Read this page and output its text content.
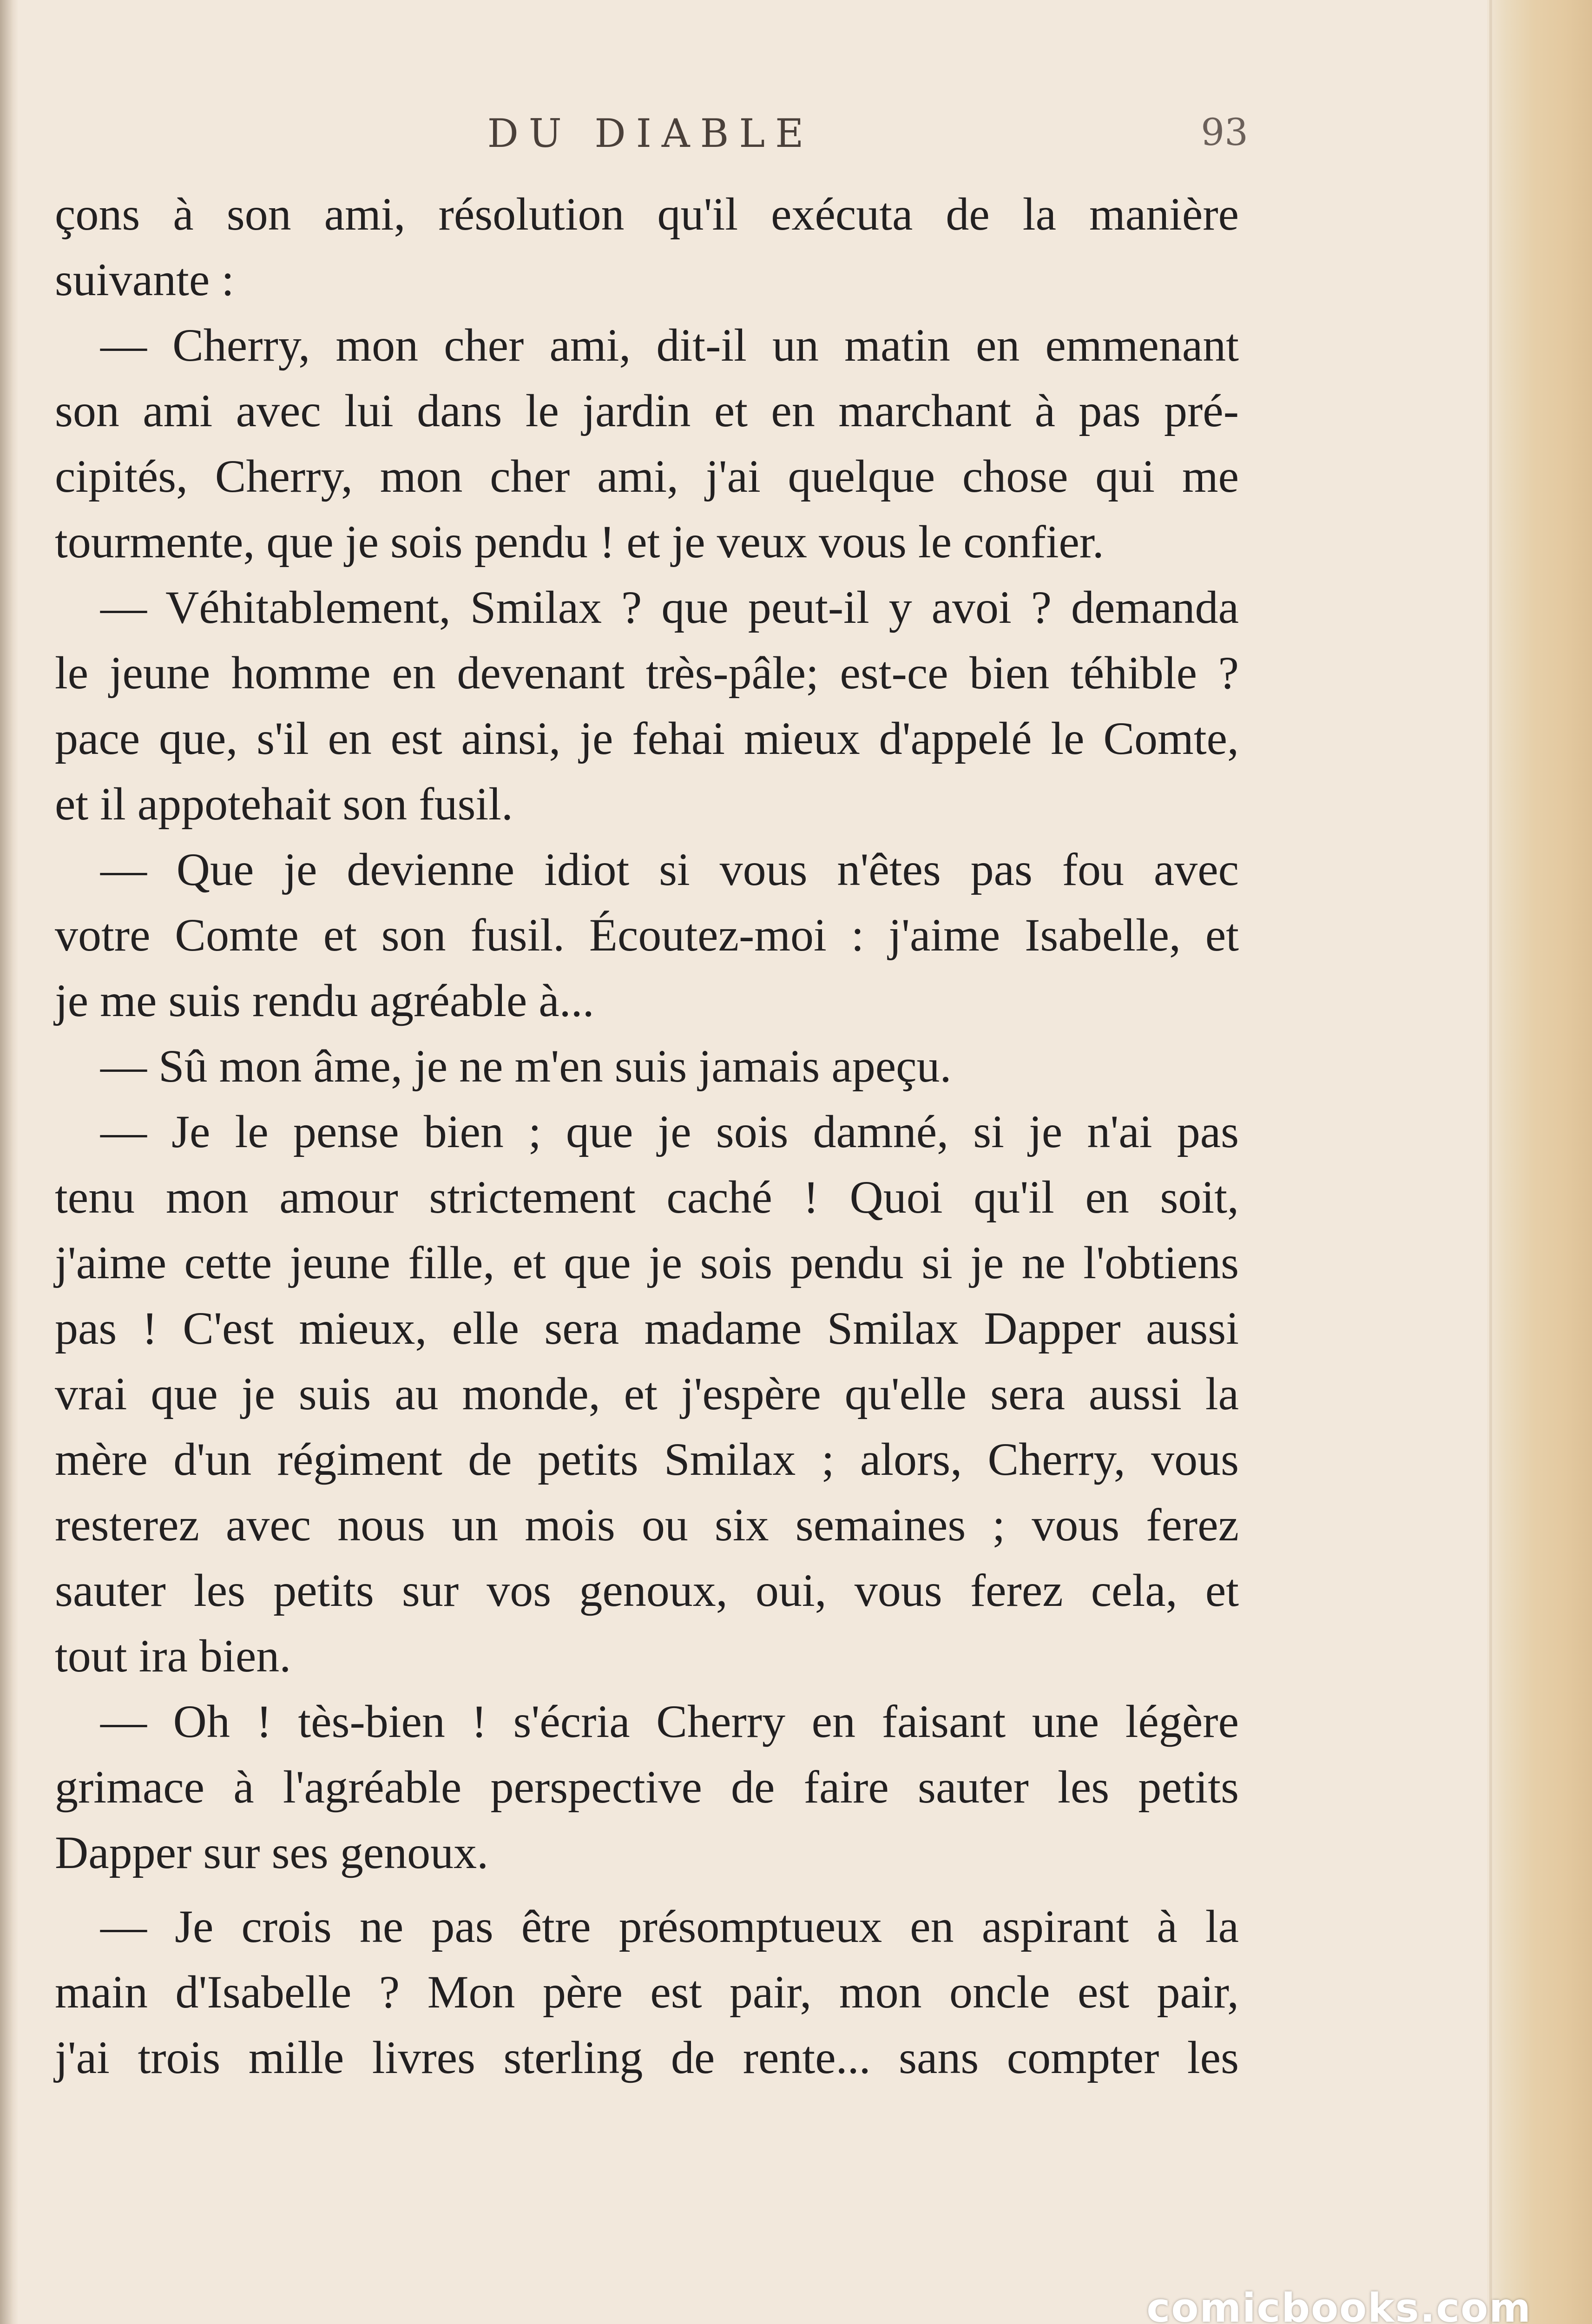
DU DIABLE	93
çons à son ami, résolution qu'il exécuta de la manière
suivante :
— Cherry, mon cher ami, dit-il un matin en emmenant
son ami avec lui dans le jardin et en marchant à pas pré-
cipités, Cherry, mon cher ami, j'ai quelque chose qui me
tourmente, que je sois pendu ! et je veux vous le confier.
— Véhitablement, Smilax ? que peut-il y avoi ? demanda
le jeune homme en devenant très-pâle; est-ce bien téhible ?
pace que, s'il en est ainsi, je fehai mieux d'appelé le Comte,
et il appotehait son fusil.
— Que je devienne idiot si vous n'êtes pas fou avec
votre Comte et son fusil. Écoutez-moi : j'aime Isabelle, et
je me suis rendu agréable à...
— Sû mon âme, je ne m'en suis jamais apeçu.
— Je le pense bien ; que je sois damné, si je n'ai pas
tenu mon amour strictement caché ! Quoi qu'il en soit,
j'aime cette jeune fille, et que je sois pendu si je ne l'obtiens
pas ! C'est mieux, elle sera madame Smilax Dapper aussi
vrai que je suis au monde, et j'espère qu'elle sera aussi la
mère d'un régiment de petits Smilax ; alors, Cherry, vous
resterez avec nous un mois ou six semaines ; vous ferez
sauter les petits sur vos genoux, oui, vous ferez cela, et
tout ira bien.
— Oh ! tès-bien ! s'écria Cherry en faisant une légère
grimace à l'agréable perspective de faire sauter les petits
Dapper sur ses genoux.
— Je crois ne pas être présomptueux en aspirant à la
main d'Isabelle ? Mon père est pair, mon oncle est pair,
j'ai trois mille livres sterling de rente... sans compter les
comicbooks.com
